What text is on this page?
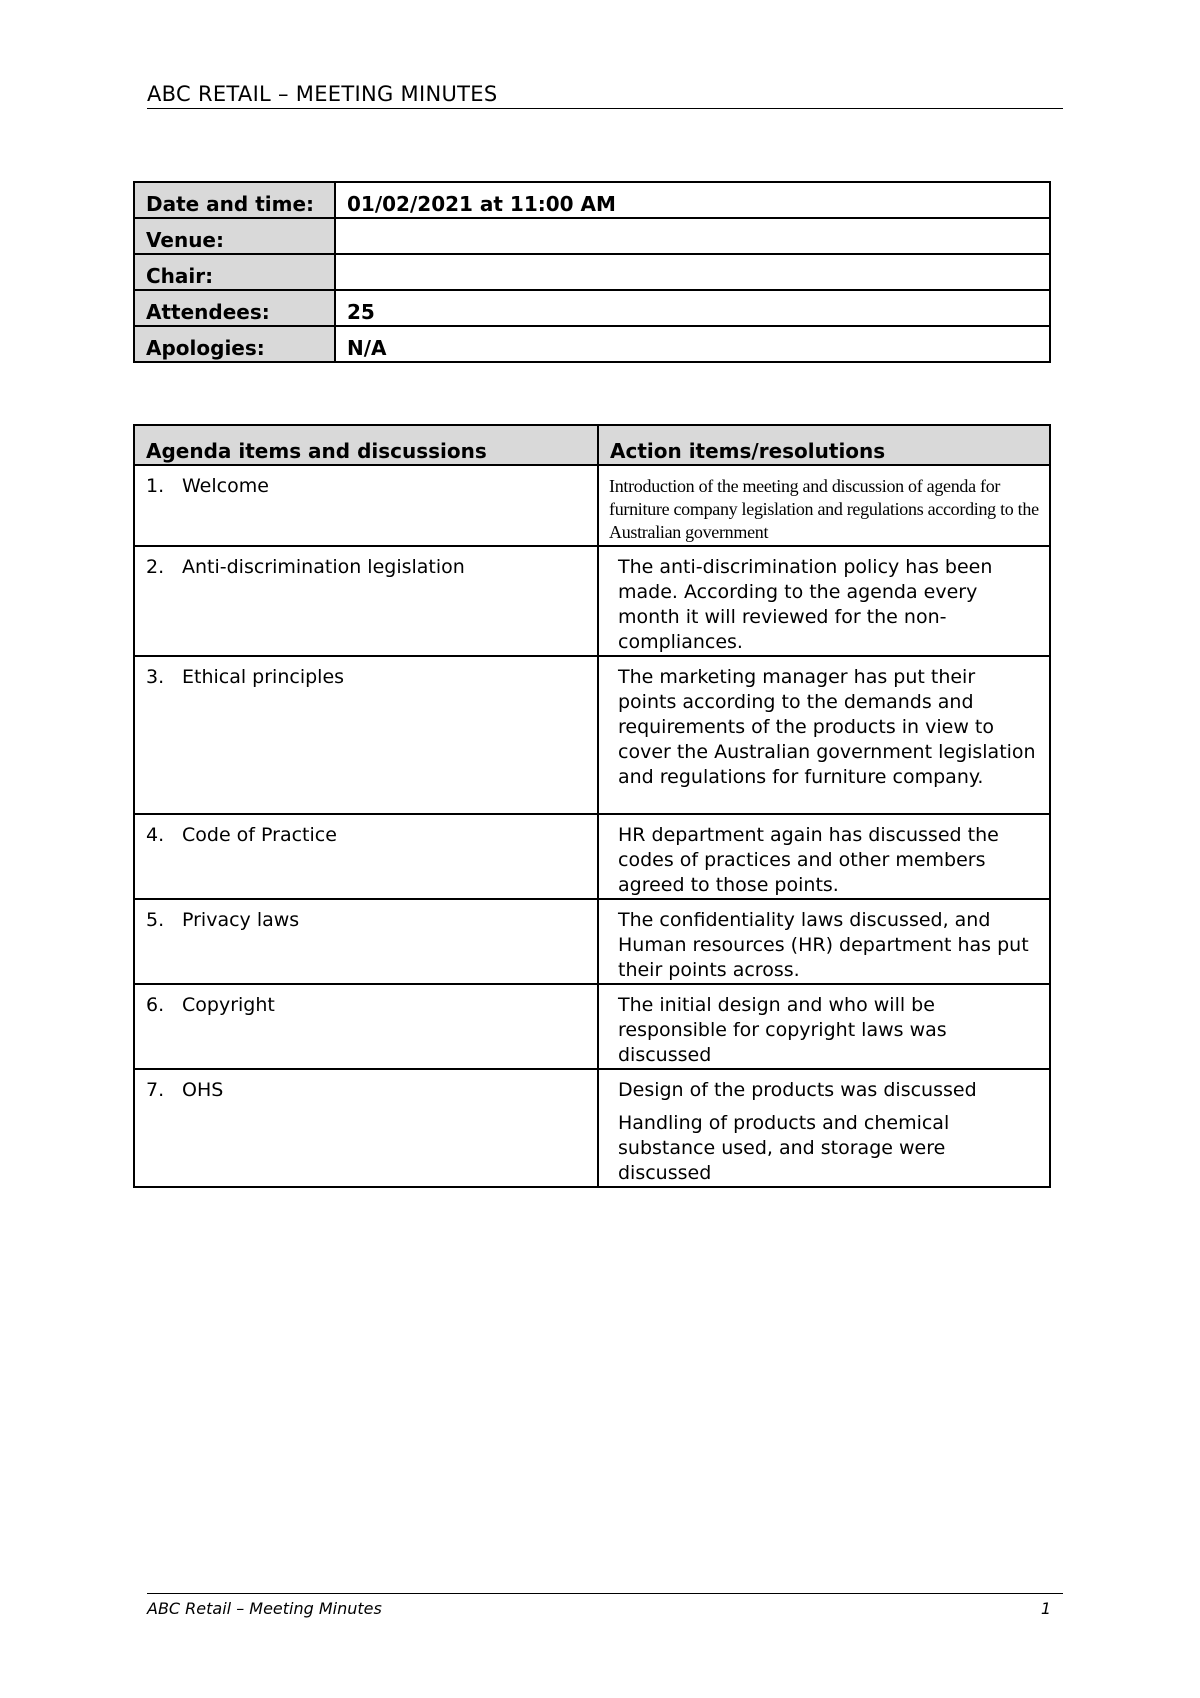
ABC RETAIL – MEETING MINUTES
Date and time:	01/02/2021 at 11:00 AM
Venue:	
Chair:	
Attendees:	25
Apologies:	N/A
Agenda items and discussions	Action items/resolutions
1. Welcome	Introduction of the meeting and discussion of agenda for furniture company legislation and regulations according to the Australian government
2. Anti-discrimination legislation	The anti-discrimination policy has been made. According to the agenda every month it will reviewed for the non-compliances.
3. Ethical principles	The marketing manager has put their points according to the demands and requirements of the products in view to cover the Australian government legislation and regulations for furniture company.
4. Code of Practice	HR department again has discussed the codes of practices and other members agreed to those points.
5. Privacy laws	The confidentiality laws discussed, and Human resources (HR) department has put their points across.
6. Copyright	The initial design and who will be responsible for copyright laws was discussed
7. OHS	Design of the products was discussed
Handling of products and chemical substance used, and storage were discussed
ABC Retail – Meeting Minutes	1
